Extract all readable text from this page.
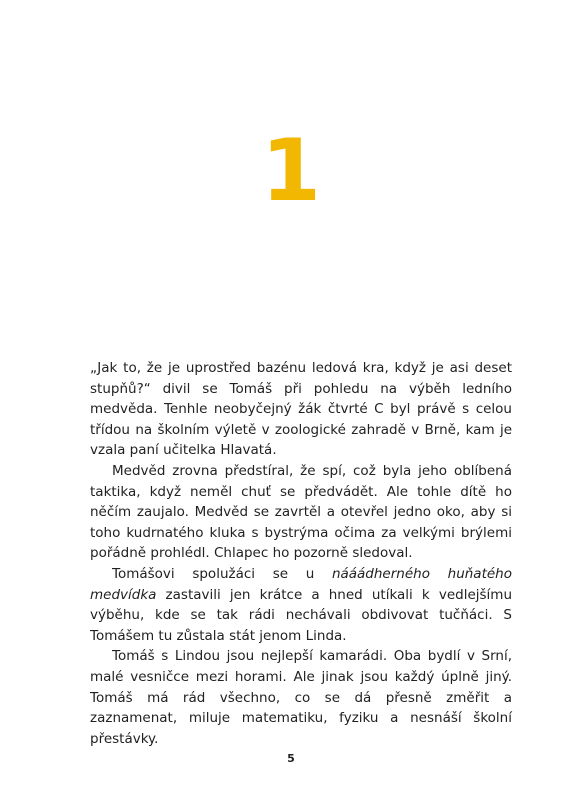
1

„Jak to, že je uprostřed bazénu ledová kra, když je asi deset stupňů?“ divil se Tomáš při pohledu na výběh ledního medvěda. Tenhle neobyčejný žák čtvrté C byl právě s celou třídou na školním výletě v zoologické zahradě v Brně, kam je vzala paní učitelka Hlavatá.

Medvěd zrovna předstíral, že spí, což byla jeho oblíbená taktika, když neměl chuť se předvádět. Ale tohle dítě ho něčím zaujalo. Medvěd se zavrtěl a otevřel jedno oko, aby si toho kudrnatého kluka s bystrýma očima za velkými brýlemi pořádně prohlédl. Chlapec ho pozorně sledoval.

Tomášovi spolužáci se u nááádherného huňatého medvídka zastavili jen krátce a hned utíkali k vedlejšímu výběhu, kde se tak rádi nechávali obdivovat tučňáci. S Tomášem tu zůstala stát jenom Linda.

Tomáš s Lindou jsou nejlepší kamarádi. Oba bydlí v Srní, malé vesničce mezi horami. Ale jinak jsou každý úplně jiný. Tomáš má rád všechno, co se dá přesně změřit a zaznamenat, miluje matematiku, fyziku a nesnáší školní přestávky.

5
